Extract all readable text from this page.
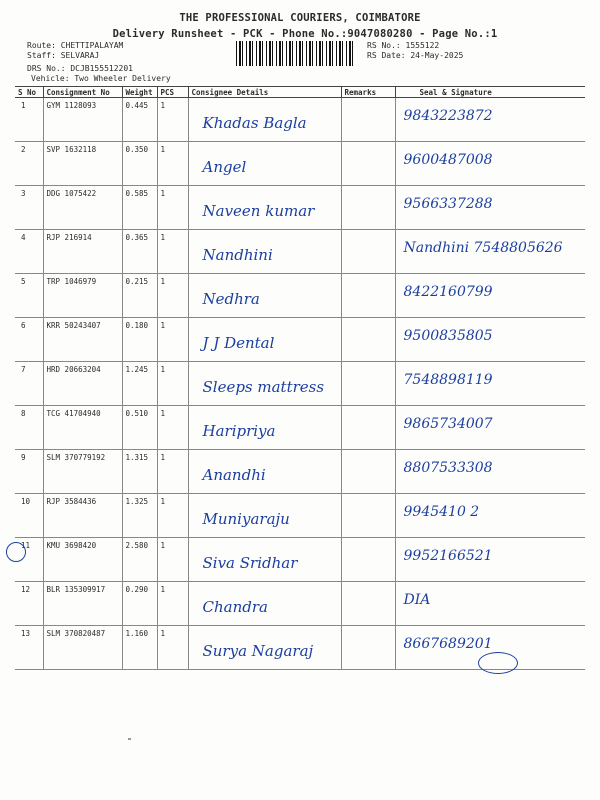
THE PROFESSIONAL COURIERS, COIMBATORE
Delivery Runsheet - PCK - Phone No.:9047080280 - Page No.:1
Route: CHETTIPALAYAM
Staff: SELVARAJ
DRS No.: DCJB155512201
Vehicle: Two Wheeler Delivery
RS No.: 1555122
RS Date: 24-May-2025
S No	Consignment No	Weight	PCS	Consignee Details	Remarks	Seal & Signature
1	GYM 1128093	0.445	1	Khadas Bagla		9843223872

2	SVP 1632118	0.350	1	Angel		9600487008

3	DDG 1075422	0.585	1	Naveen kumar		9566337288

4	RJP 216914	0.365	1	Nandhini		Nandhini 7548805626

5	TRP 1046979	0.215	1	Nedhra		8422160799

6	KRR 50243407	0.180	1	J J Dental		9500835805

7	HRD 20663204	1.245	1	Sleeps mattress		7548898119

8	TCG 41704940	0.510	1	Haripriya		9865734007

9	SLM 370779192	1.315	1	Anandhi		8807533308

10	RJP 3584436	1.325	1	Muniyaraju		9945410 2

11	KMU 3698420	2.580	1	Siva Sridhar		9952166521

12	BLR 135309917	0.290	1	Chandra		DIA

13	SLM 370820487	1.160	1	Surya Nagaraj		8667689201
